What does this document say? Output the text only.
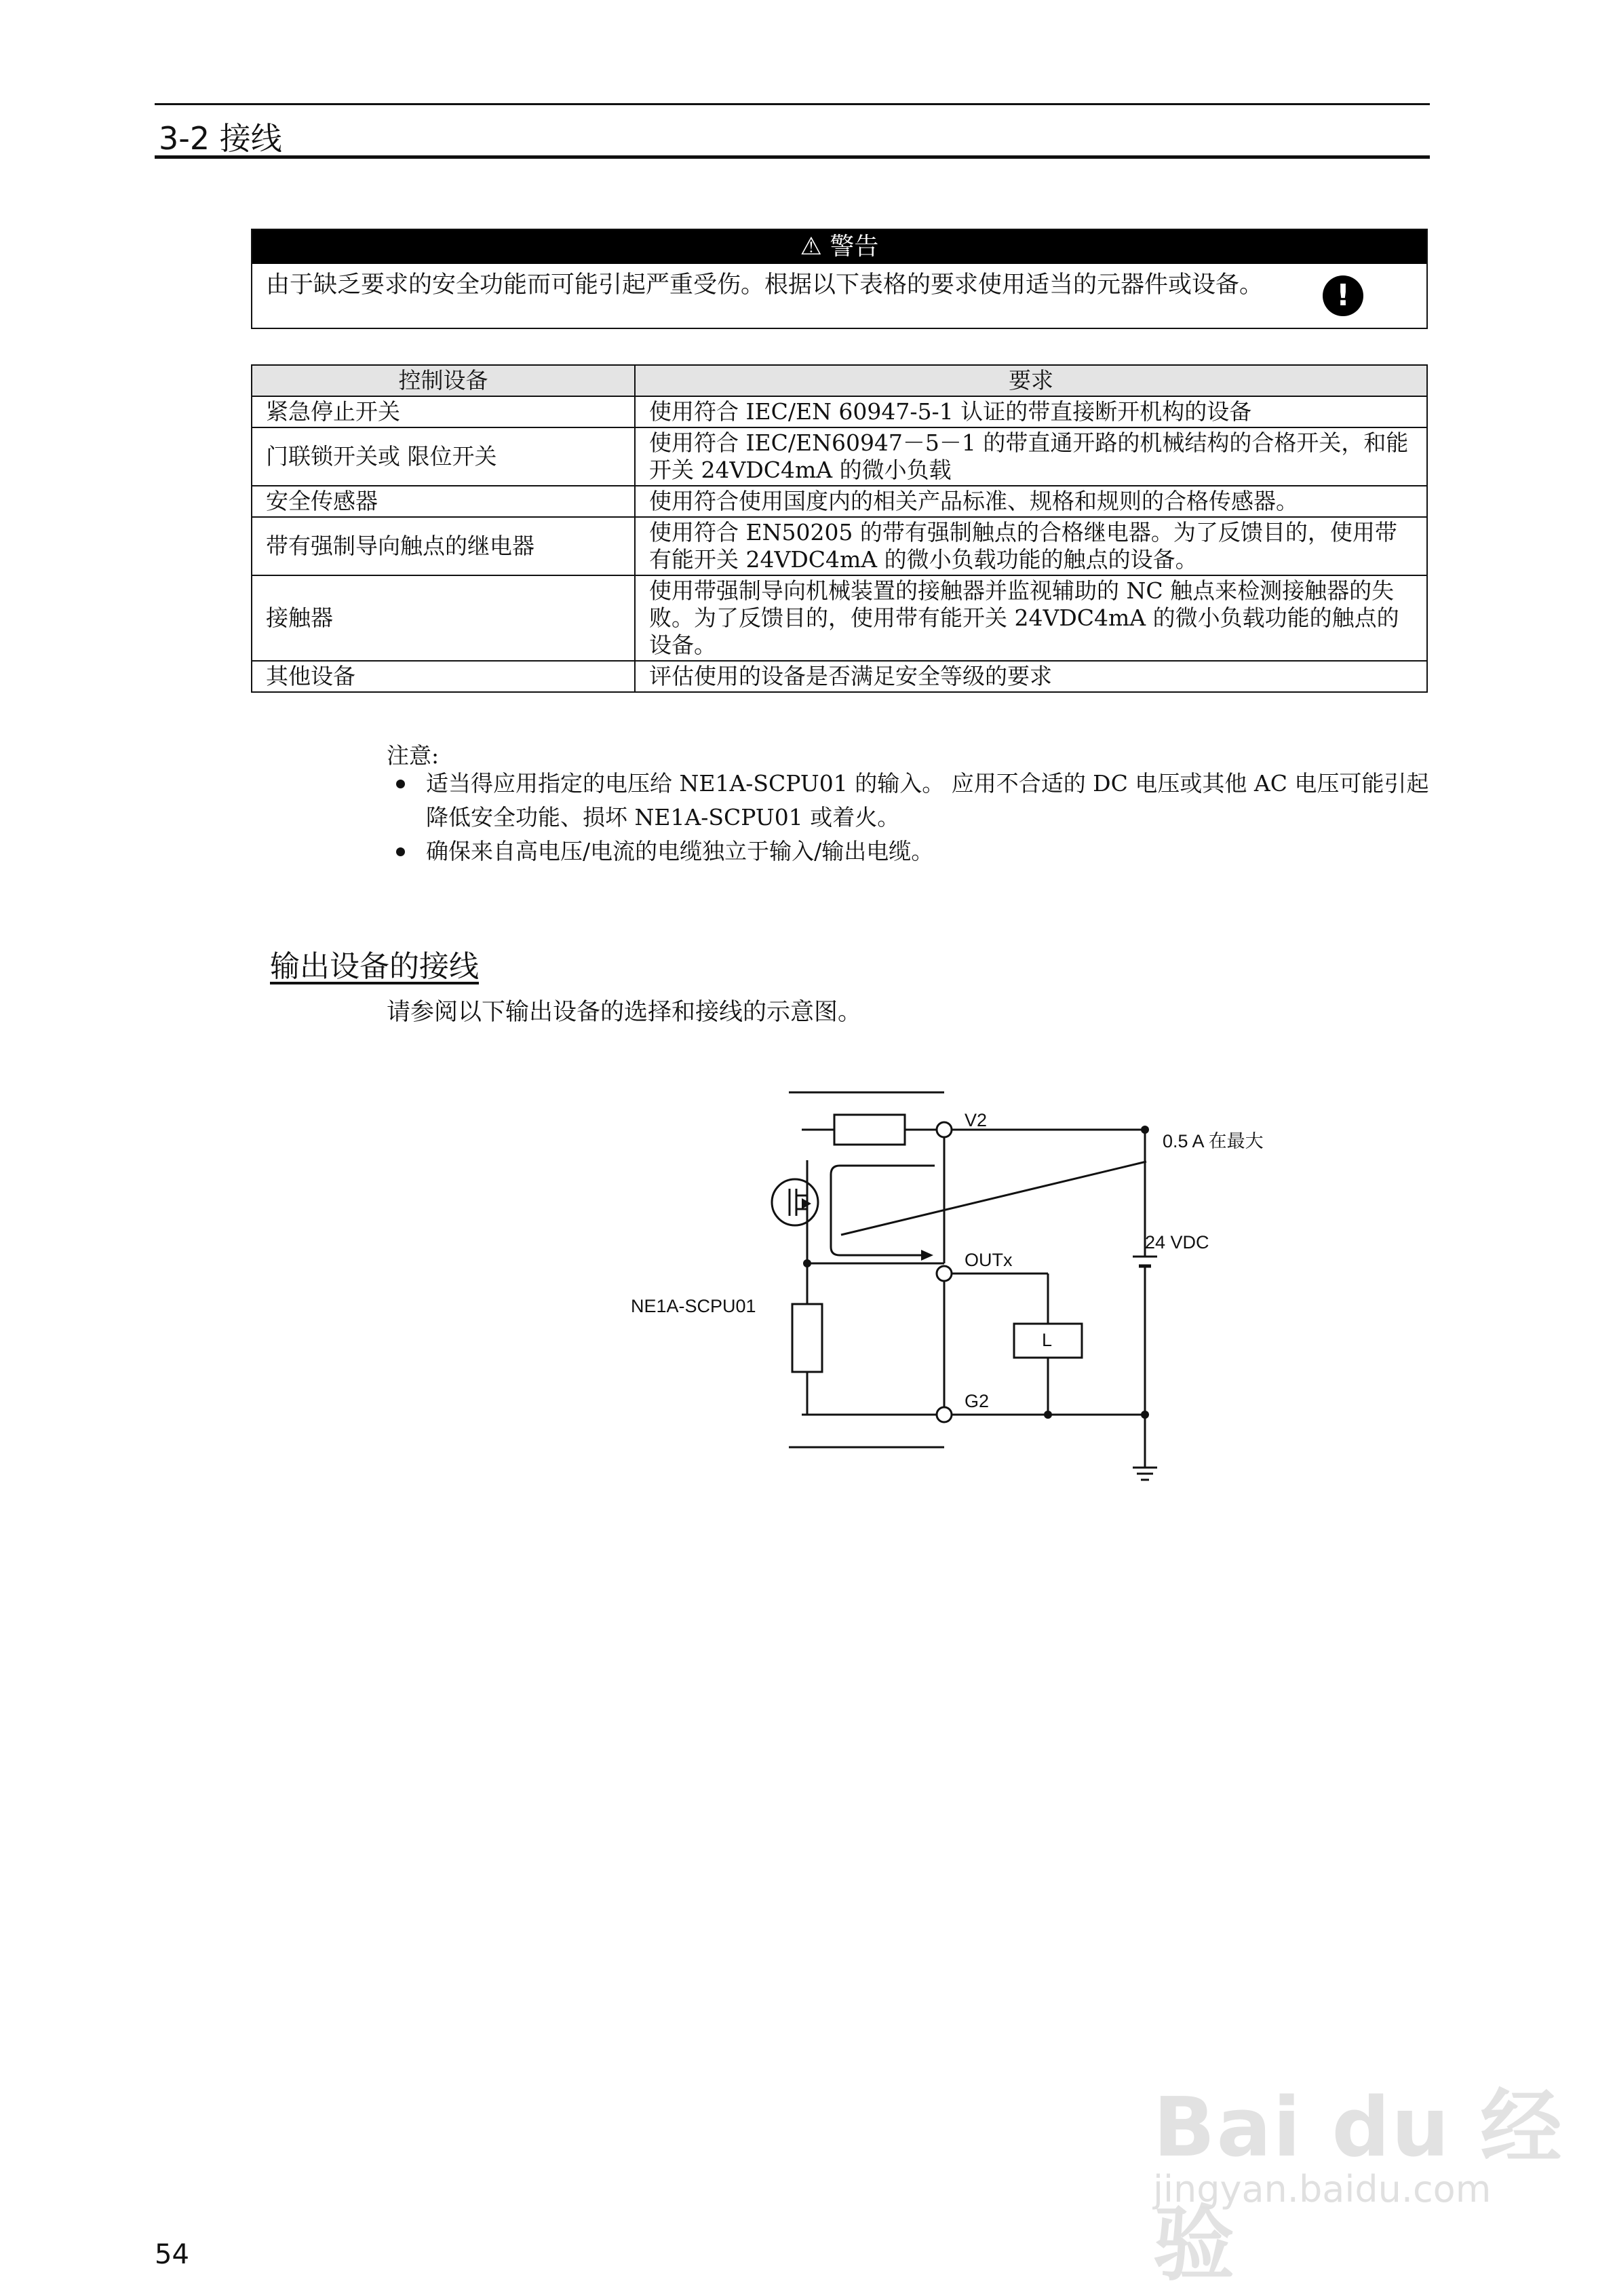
3-2 接线
⚠ 警告
由于缺乏要求的安全功能而可能引起严重受伤。根据以下表格的要求使用适当的元器件或设备。	!
控制设备	要求
紧急停止开关	使用符合 IEC/EN 60947-5-1 认证的带直接断开机构的设备
门联锁开关或 限位开关	使用符合 IEC/EN60947－5－1 的带直通开路的机械结构的合格开关，和能开关 24VDC4mA 的微小负载
安全传感器	使用符合使用国度内的相关产品标准、规格和规则的合格传感器。
带有强制导向触点的继电器	使用符合 EN50205 的带有强制触点的合格继电器。为了反馈目的，使用带有能开关 24VDC4mA 的微小负载功能的触点的设备。
接触器	使用带强制导向机械装置的接触器并监视辅助的 NC 触点来检测接触器的失败。为了反馈目的，使用带有能开关 24VDC4mA 的微小负载功能的触点的设备。
其他设备	评估使用的设备是否满足安全等级的要求
注意:
适当得应用指定的电压给 NE1A-SCPU01 的输入。 应用不合适的 DC 电压或其他 AC 电压可能引起降低安全功能、损坏 NE1A-SCPU01 或着火。
确保来自高电压/电流的电缆独立于输入/输出电缆。
输出设备的接线
请参阅以下输出设备的选择和接线的示意图。
V2
0.5 A 在最大
OUTx
24 VDC
NE1A-SCPU01
L
G2
54
Bai du 经验
jingyan.baidu.com
